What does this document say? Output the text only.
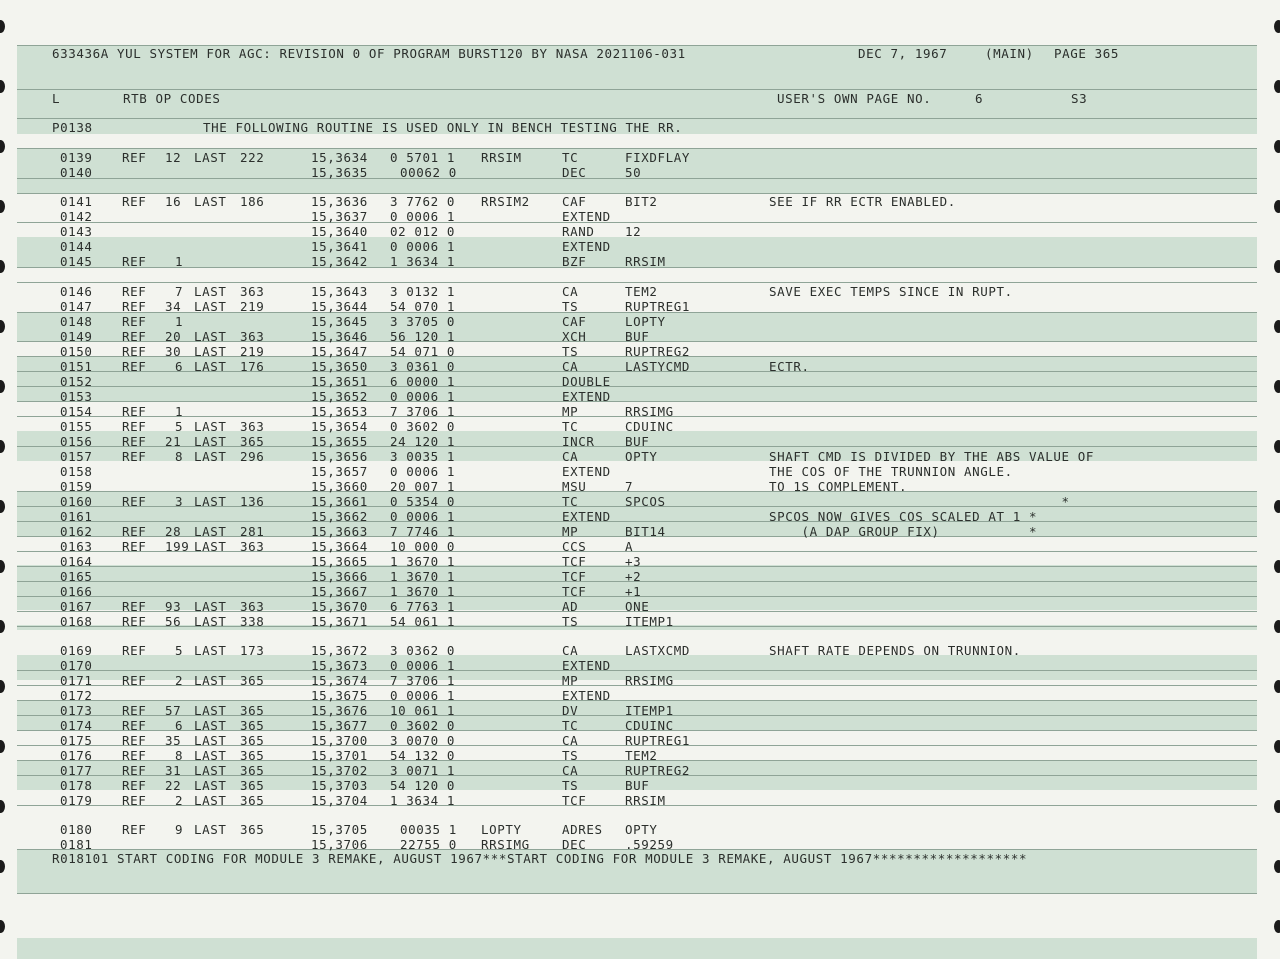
633436A YUL SYSTEM FOR AGC: REVISION 0 OF PROGRAM BURST120 BY NASA 2021106-031	DEC 7, 1967	(MAIN) PAGE 365
L	RTB OP CODES	USER'S OWN PAGE NO.	6	S3
P0138	THE FOLLOWING ROUTINE IS USED ONLY IN BENCH TESTING THE RR.
0139 REF 12 LAST 222	15,3634 0 5701 1 RRSIM	TC	FIXDFLAY
0140	15,3635	00062 0	DEC	50
0141 REF 16 LAST 186	15,3636 3 7762 0 RRSIM2	CAF	BIT2	SEE IF RR ECTR ENABLED.
0142	15,3637 0 0006 1	EXTEND
0143	15,3640 02 012 0	RAND 12
0144	15,3641 0 0006 1	EXTEND
0145 REF 1	15,3642 1 3634 1	BZF	RRSIM
0146 REF 7 LAST 363	15,3643 3 0132 1	CA	TEM2	SAVE EXEC TEMPS SINCE IN RUPT.
0147 REF 34 LAST 219	15,3644 54 070 1	TS	RUPTREG1
0148 REF 1	15,3645 3 3705 0	CAF	LOPTY
0149 REF 20 LAST 363	15,3646 56 120 1	XCH	BUF
0150 REF 30 LAST 219	15,3647 54 071 0	TS	RUPTREG2
0151 REF 6 LAST 176	15,3650 3 0361 0	CA	LASTYCMD	ECTR.
0152	15,3651 6 0000 1	DOUBLE
0153	15,3652 0 0006 1	EXTEND
0154 REF 1	15,3653 7 3706 1	MP	RRSIMG
0155 REF 5 LAST 363	15,3654 0 3602 0	TC	CDUINC
0156 REF 21 LAST 365	15,3655 24 120 1	INCR BUF
0157 REF 8 LAST 296	15,3656 3 0035 1	CA	OPTY	SHAFT CMD IS DIVIDED BY THE ABS VALUE OF
0158	15,3657 0 0006 1	EXTEND	THE COS OF THE TRUNNION ANGLE.
0159	15,3660 20 007 1	MSU	7	TO 1S COMPLEMENT.
0160 REF 3 LAST 136	15,3661 0 5354 0	TC	SPCOS	*
0161	15,3662 0 0006 1	EXTEND	SPCOS NOW GIVES COS SCALED AT 1 *
0162 REF 28 LAST 281	15,3663 7 7746 1	MP	BIT14	(A DAP GROUP FIX)           *
0163 REF 199 LAST 363	15,3664 10 000 0	CCS	A
0164	15,3665 1 3670 1	TCF	+3
0165	15,3666 1 3670 1	TCF	+2
0166	15,3667 1 3670 1	TCF	+1
0167 REF 93 LAST 363	15,3670 6 7763 1	AD	ONE
0168 REF 56 LAST 338	15,3671 54 061 1	TS	ITEMP1
0169 REF 5 LAST 173	15,3672 3 0362 0	CA	LASTXCMD	SHAFT RATE DEPENDS ON TRUNNION.
0170	15,3673 0 0006 1	EXTEND
0171 REF 2 LAST 365	15,3674 7 3706 1	MP	RRSIMG
0172	15,3675 0 0006 1	EXTEND
0173 REF 57 LAST 365	15,3676 10 061 1	DV	ITEMP1
0174 REF 6 LAST 365	15,3677 0 3602 0	TC	CDUINC
0175 REF 35 LAST 365	15,3700 3 0070 0	CA	RUPTREG1
0176 REF 8 LAST 365	15,3701 54 132 0	TS	TEM2
0177 REF 31 LAST 365	15,3702 3 0071 1	CA	RUPTREG2
0178 REF 22 LAST 365	15,3703 54 120 0	TS	BUF
0179 REF 2 LAST 365	15,3704 1 3634 1	TCF	RRSIM
0180 REF 9 LAST 365	15,3705	00035 1 LOPTY	ADRES OPTY
0181	15,3706	22755 0 RRSIMG	DEC	.59259
R018101 START CODING FOR MODULE 3 REMAKE, AUGUST 1967***START CODING FOR MODULE 3 REMAKE, AUGUST 1967*******************
